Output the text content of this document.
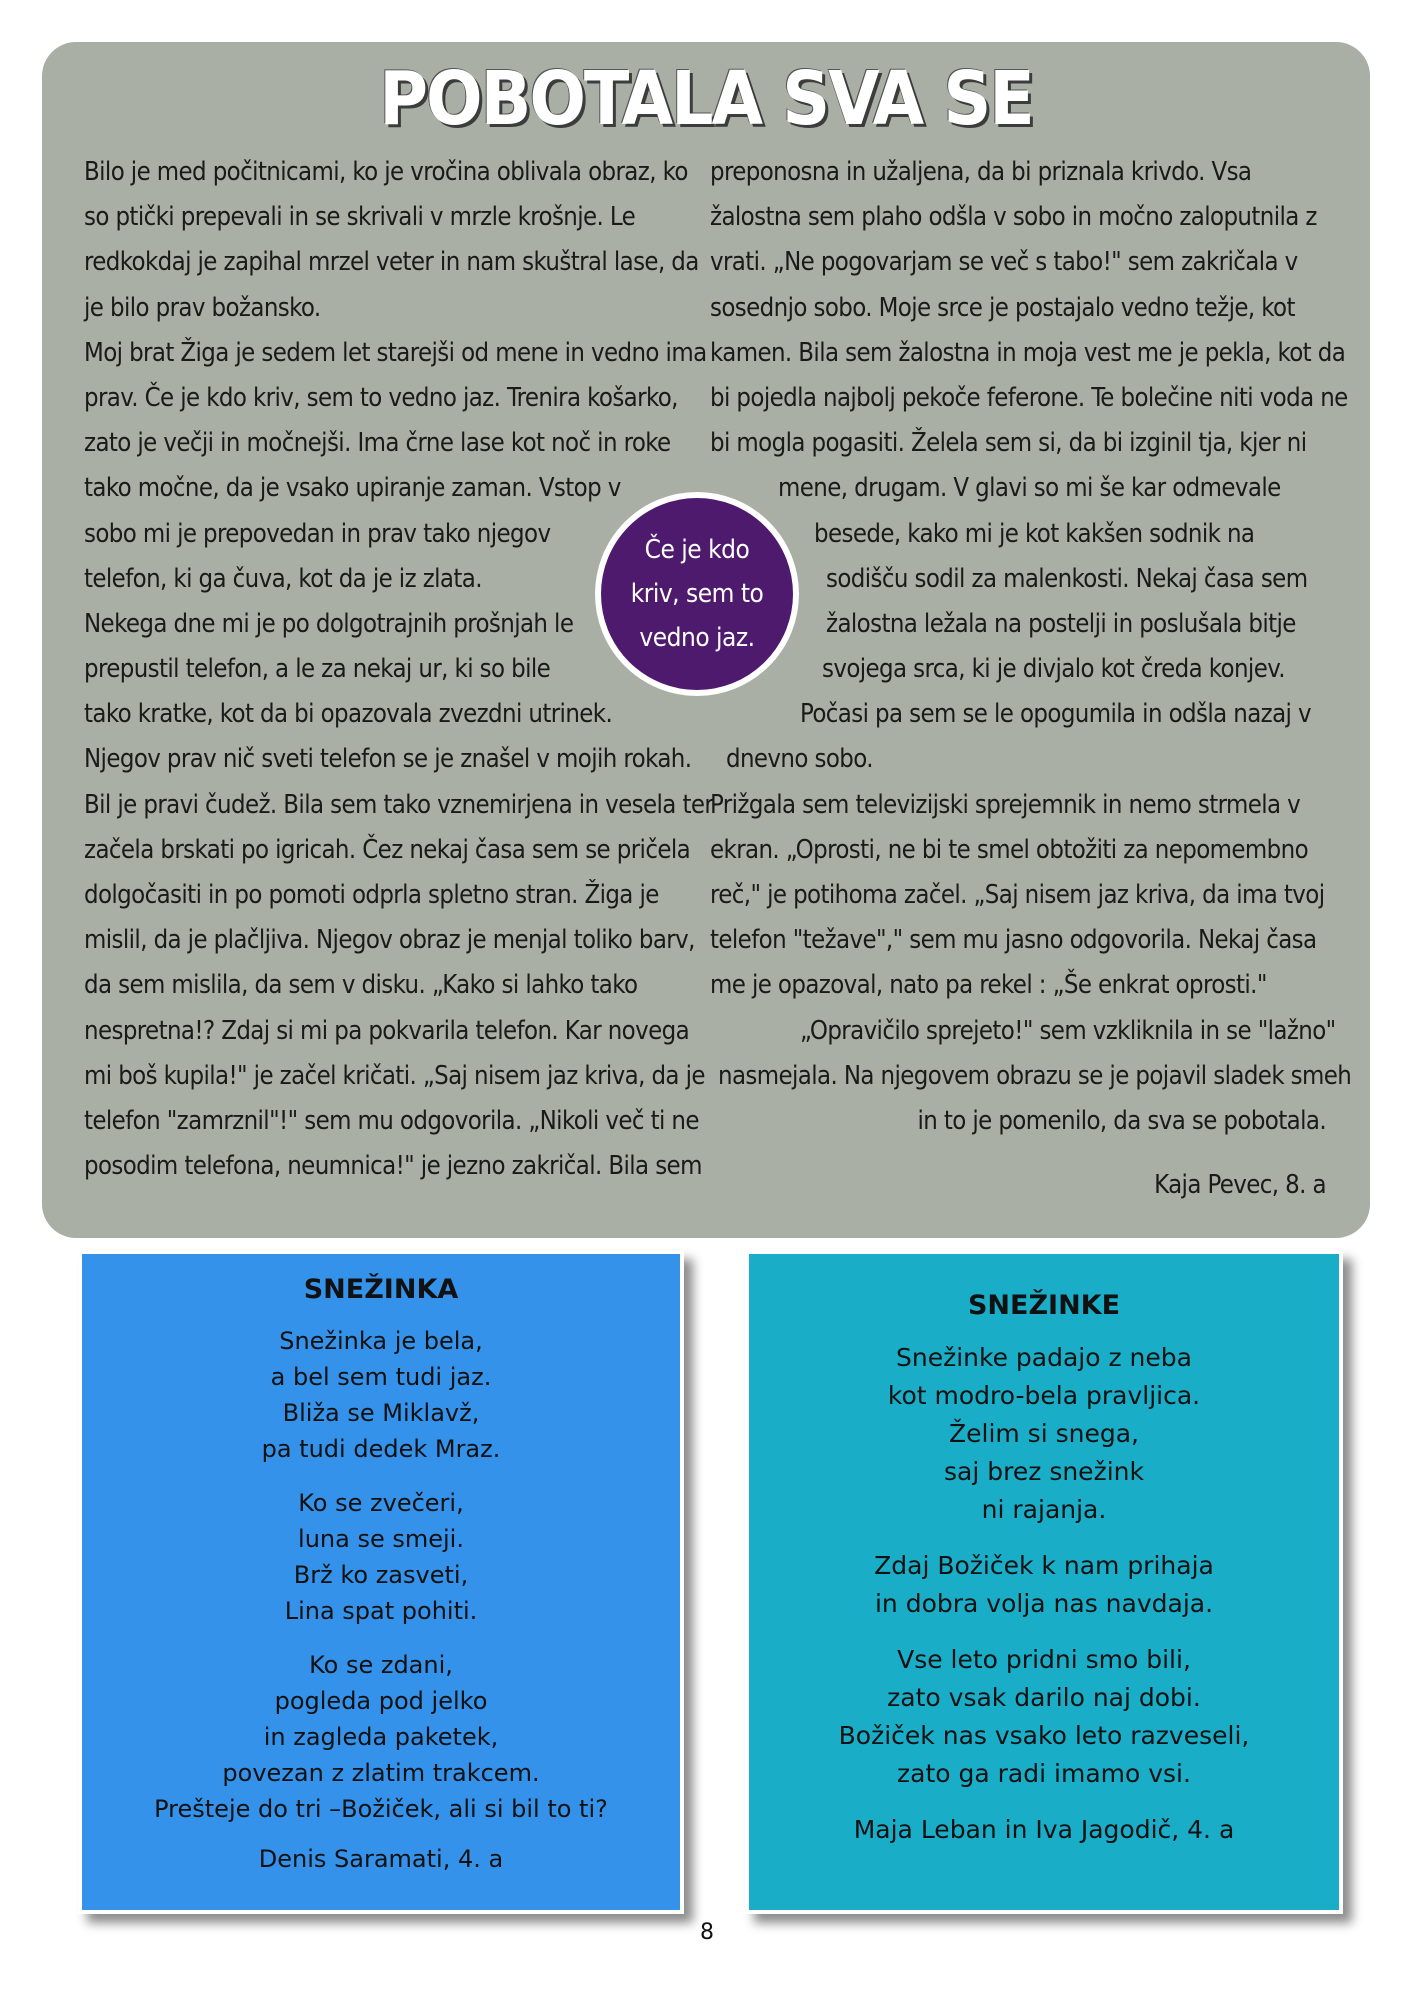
POBOTALA SVA SE
Bilo je med počitnicami, ko je vročina oblivala obraz, ko
so ptički prepevali in se skrivali v mrzle krošnje. Le
redkokdaj je zapihal mrzel veter in nam skuštral lase, da
je bilo prav božansko.
Moj brat Žiga je sedem let starejši od mene in vedno ima
prav. Če je kdo kriv, sem to vedno jaz. Trenira košarko,
zato je večji in močnejši. Ima črne lase kot noč in roke
tako močne, da je vsako upiranje zaman. Vstop v
sobo mi je prepovedan in prav tako njegov
telefon, ki ga čuva, kot da je iz zlata.
Nekega dne mi je po dolgotrajnih prošnjah le
prepustil telefon, a le za nekaj ur, ki so bile
tako kratke, kot da bi opazovala zvezdni utrinek.
Njegov prav nič sveti telefon se je znašel v mojih rokah.
Bil je pravi čudež. Bila sem tako vznemirjena in vesela ter
začela brskati po igricah. Čez nekaj časa sem se pričela
dolgočasiti in po pomoti odprla spletno stran. Žiga je
mislil, da je plačljiva. Njegov obraz je menjal toliko barv,
da sem mislila, da sem v disku. „Kako si lahko tako
nespretna!? Zdaj si mi pa pokvarila telefon. Kar novega
mi boš kupila!" je začel kričati. „Saj nisem jaz kriva, da je
telefon "zamrznil"!" sem mu odgovorila. „Nikoli več ti ne
posodim telefona, neumnica!" je jezno zakričal. Bila sem
preponosna in užaljena, da bi priznala krivdo. Vsa
žalostna sem plaho odšla v sobo in močno zaloputnila z
vrati. „Ne pogovarjam se več s tabo!" sem zakričala v
sosednjo sobo. Moje srce je postajalo vedno težje, kot
kamen. Bila sem žalostna in moja vest me je pekla, kot da
bi pojedla najbolj pekoče feferone. Te bolečine niti voda ne
bi mogla pogasiti. Želela sem si, da bi izginil tja, kjer ni
mene, drugam. V glavi so mi še kar odmevale
besede, kako mi je kot kakšen sodnik na
sodišču sodil za malenkosti. Nekaj časa sem
žalostna ležala na postelji in poslušala bitje
svojega srca, ki je divjalo kot čreda konjev.
Počasi pa sem se le opogumila in odšla nazaj v
dnevno sobo.
Prižgala sem televizijski sprejemnik in nemo strmela v
ekran. „Oprosti, ne bi te smel obtožiti za nepomembno
reč," je potihoma začel. „Saj nisem jaz kriva, da ima tvoj
telefon "težave"," sem mu jasno odgovorila. Nekaj časa
me je opazoval, nato pa rekel : „Še enkrat oprosti."
„Opravičilo sprejeto!" sem vzkliknila in se "lažno"
nasmejala. Na njegovem obrazu se je pojavil sladek smeh
in to je pomenilo, da sva se pobotala.
Kaja Pevec, 8. a
Če je kdo
kriv, sem to
vedno jaz.
SNEŽINKA
Snežinka je bela,
a bel sem tudi jaz.
Bliža se Miklavž,
pa tudi dedek Mraz.
Ko se zvečeri,
luna se smeji.
Brž ko zasveti,
Lina spat pohiti.
Ko se zdani,
pogleda pod jelko
in zagleda paketek,
povezan z zlatim trakcem.
Prešteje do tri –Božiček, ali si bil to ti?
Denis Saramati, 4. a
SNEŽINKE
Snežinke padajo z neba
kot modro-bela pravljica.
Želim si snega,
saj brez snežink
ni rajanja.
Zdaj Božiček k nam prihaja
in dobra volja nas navdaja.
Vse leto pridni smo bili,
zato vsak darilo naj dobi.
Božiček nas vsako leto razveseli,
zato ga radi imamo vsi.
Maja Leban in Iva Jagodič, 4. a
8
